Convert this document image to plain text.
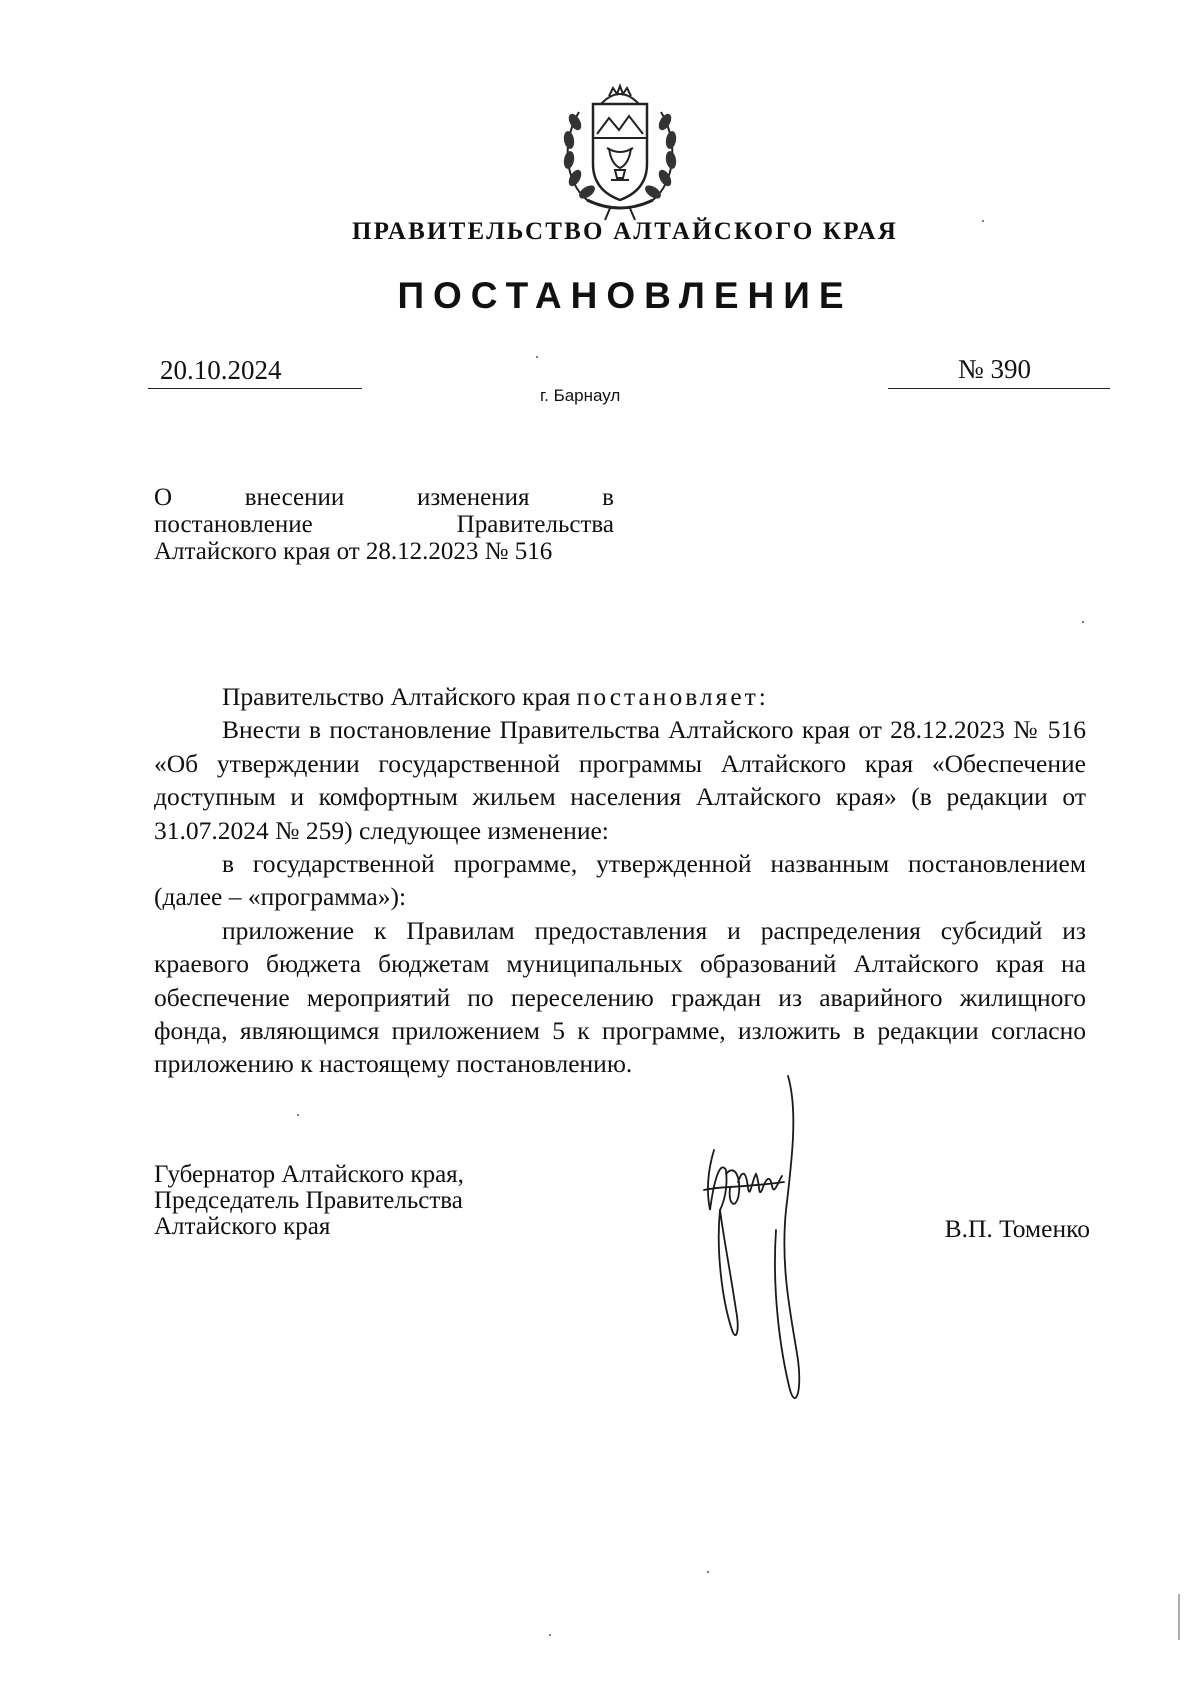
ПРАВИТЕЛЬСТВО АЛТАЙСКОГО КРАЯ
ПОСТАНОВЛЕНИЕ
20.10.2024	№ 390
г. Барнаул
О внесении изменения в
постановление Правительства
Алтайского края от 28.12.2023 № 516

Правительство Алтайского края постановляет:

Внести в постановление Правительства Алтайского края от 28.12.2023 № 516 «Об утверждении государственной программы Алтайского края «Обеспечение доступным и комфортным жильем населения Алтайского края» (в редакции от 31.07.2024 № 259) следующее изменение:

в государственной программе, утвержденной названным постановлением (далее – «программа»):

приложение к Правилам предоставления и распределения субсидий из краевого бюджета бюджетам муниципальных образований Алтайского края на обеспечение мероприятий по переселению граждан из аварийного жилищного фонда, являющимся приложением 5 к программе, изложить в редакции согласно приложению к настоящему постановлению.

Губернатор Алтайского края,
Председатель Правительства
Алтайского края	В.П. Томенко
